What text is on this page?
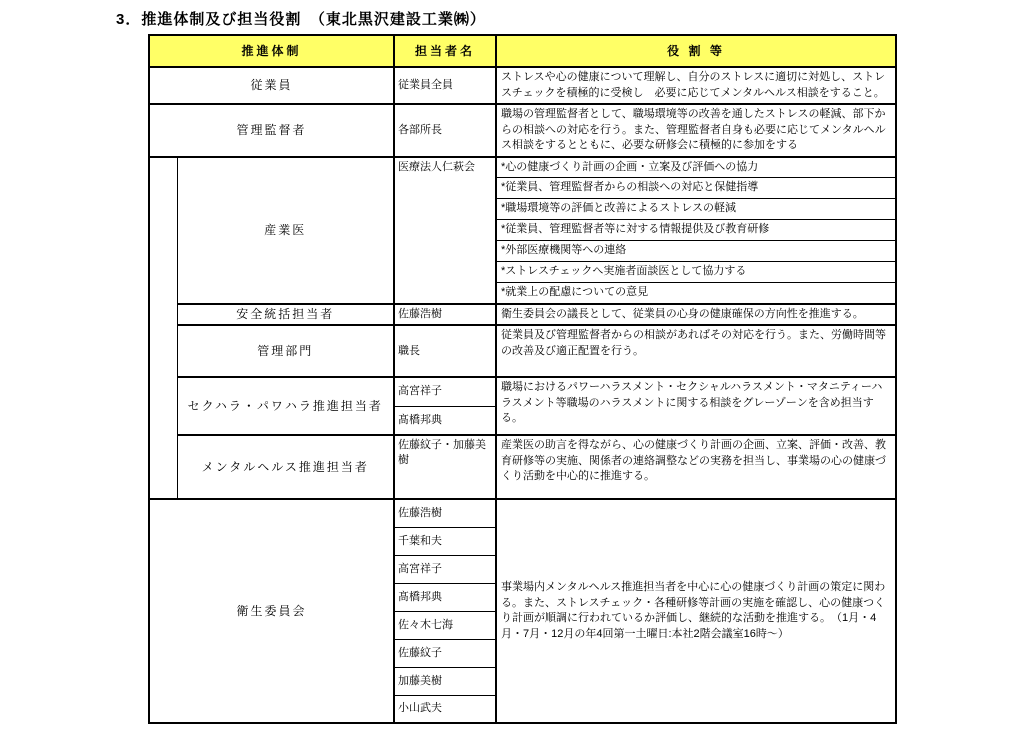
3．推進体制及び担当役割　（東北黒沢建設工業㈱）
推進体制		担当者名	役 割 等
従業員		従業員全員	ストレスや心の健康について理解し、自分のストレスに適切に対処し、ストレスチェックを積極的に受検し　必要に応じてメンタルヘルス相談をすること。
管理監督者		各部所長	職場の管理監督者として、職場環境等の改善を通したストレスの軽減、部下からの相談への対応を行う。また、管理監督者自身も必要に応じてメンタルヘルス相談をするとともに、必要な研修会に積極的に参加をする
	産業医	医療法人仁萩会	*心の健康づくり計画の企画・立案及び評価への協力
			*従業員、管理監督者からの相談への対応と保健指導
			*職場環境等の評価と改善によるストレスの軽減
			*従業員、管理監督者等に対する情報提供及び教育研修
			*外部医療機関等への連絡
			*ストレスチェックへ実施者面談医として協力する
			*就業上の配慮についての意見
	安全統括担当者	佐藤浩樹	衛生委員会の議長として、従業員の心身の健康確保の方向性を推進する。
	管理部門	職長	従業員及び管理監督者からの相談があればその対応を行う。また、労働時間等の改善及び適正配置を行う。
	セクハラ・パワハラ推進担当者	高宮祥子	職場におけるパワーハラスメント・セクシャルハラスメント・マタニティーハラスメント等職場のハラスメントに関する相談をグレーゾーンを含め担当する。
		髙橋邦典	
	メンタルヘルス推進担当者	佐藤紋子・加藤美樹	産業医の助言を得ながら、心の健康づくり計画の企画、立案、評価・改善、教育研修等の実施、関係者の連絡調整などの実務を担当し、事業場の心の健康づくり活動を中心的に推進する。
衛生委員会		佐藤浩樹	事業場内メンタルヘルス推進担当者を中心に心の健康づくり計画の策定に関わる。また、ストレスチェック・各種研修等計画の実施を確認し、心の健康つくり計画が順調に行われているか評価し、継続的な活動を推進する。　（1月・4月・7月・12月の年4回第一土曜日:本社2階会議室16時～）
		千葉和夫	
		高宮祥子	
		髙橋邦典	
		佐々木七海	
		佐藤紋子	
		加藤美樹	
		小山武夫	
